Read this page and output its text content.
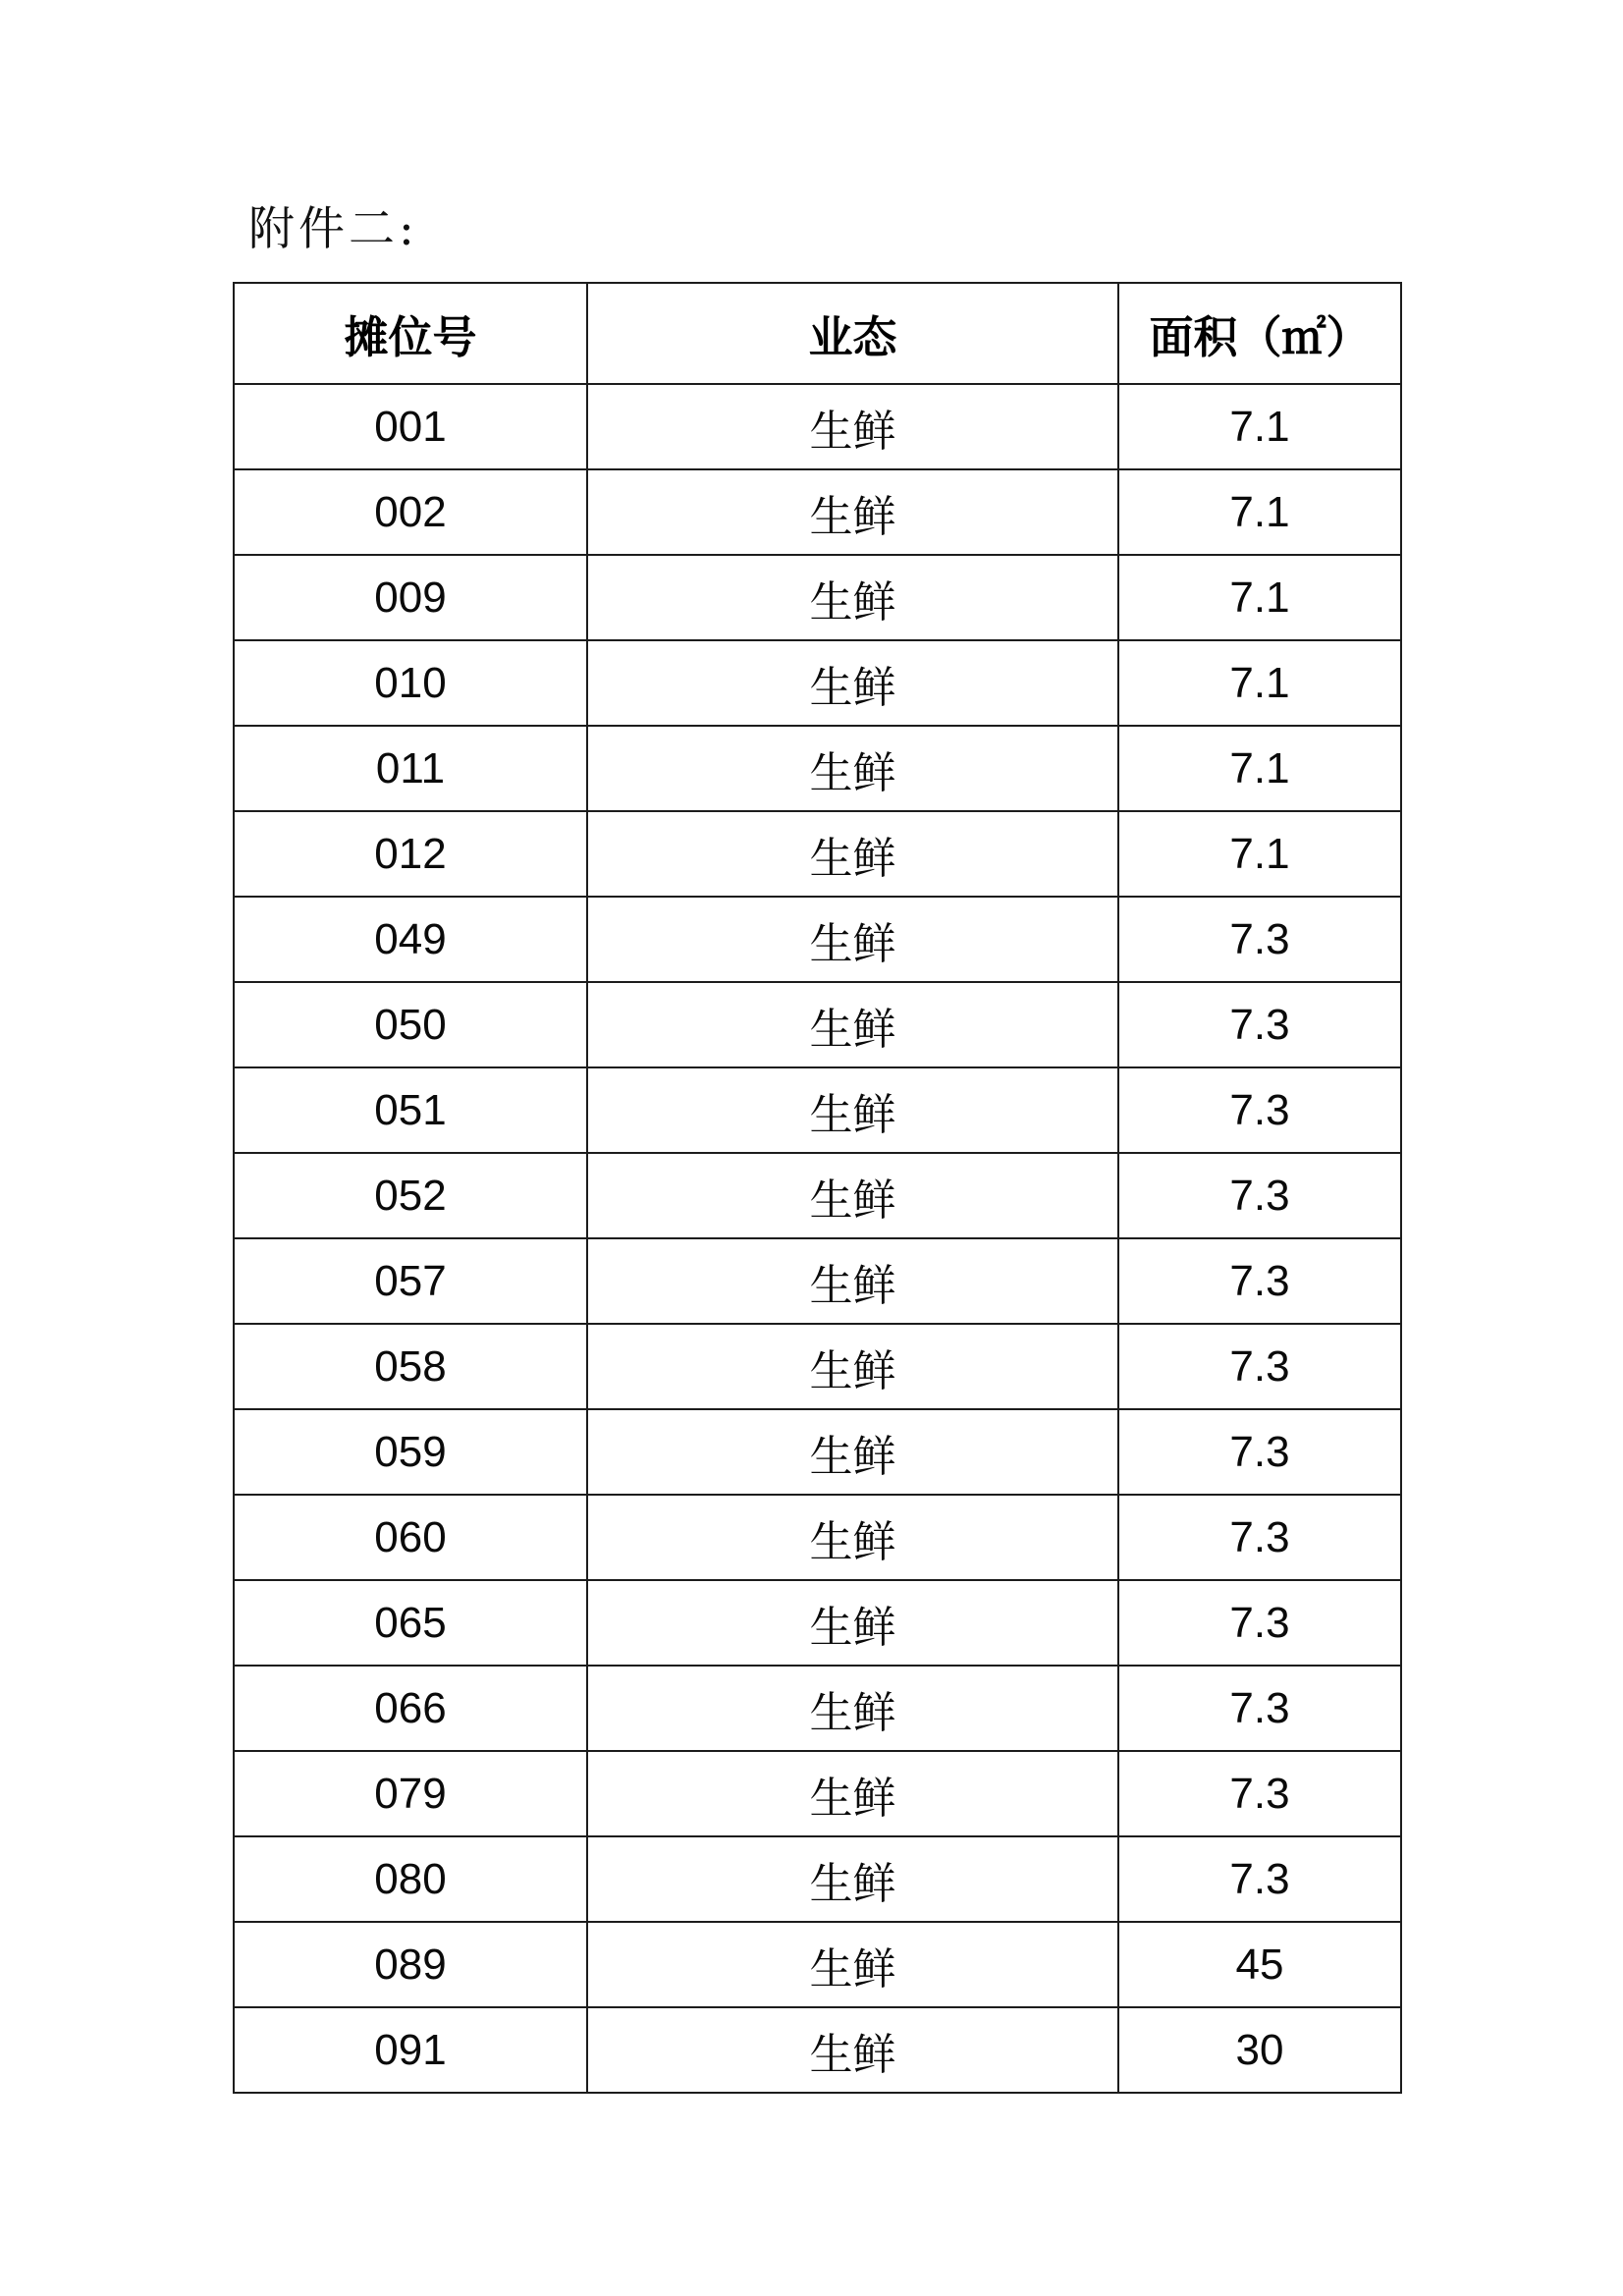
附件二:
摊位号	业态	面积（㎡）
001	生鲜	7.1
002	生鲜	7.1
009	生鲜	7.1
010	生鲜	7.1
011	生鲜	7.1
012	生鲜	7.1
049	生鲜	7.3
050	生鲜	7.3
051	生鲜	7.3
052	生鲜	7.3
057	生鲜	7.3
058	生鲜	7.3
059	生鲜	7.3
060	生鲜	7.3
065	生鲜	7.3
066	生鲜	7.3
079	生鲜	7.3
080	生鲜	7.3
089	生鲜	45
091	生鲜	30
